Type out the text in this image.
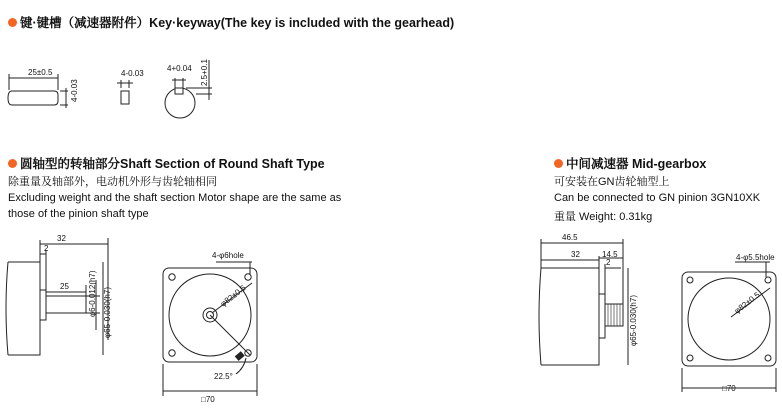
键·键槽（减速器附件）Key·keyway(The key is included with the gearhead)
25±0.5
4-0.03
4-0.03
4+0.04 2.5+0.1
圆轴型的转轴部分Shaft Section of Round Shaft Type
除重量及轴部外，电动机外形与齿轮轴相同
Excluding weight and the shaft section Motor shape are the same as
those of the pinion shaft type
32
2
25 φ6-0.012(h7) φ65-0.030(h7)
4-φ6hole
φ82±0.5
22.5°
□70
中间减速器 Mid-gearbox
可安装在GN齿轮轴型上
Can be connected to GN pinion 3GN10XK
重量 Weight: 0.31kg
46.5
32	14.5
2
φ65-0.030(h7)
4-φ5.5hole
φ82±0.5
□70
